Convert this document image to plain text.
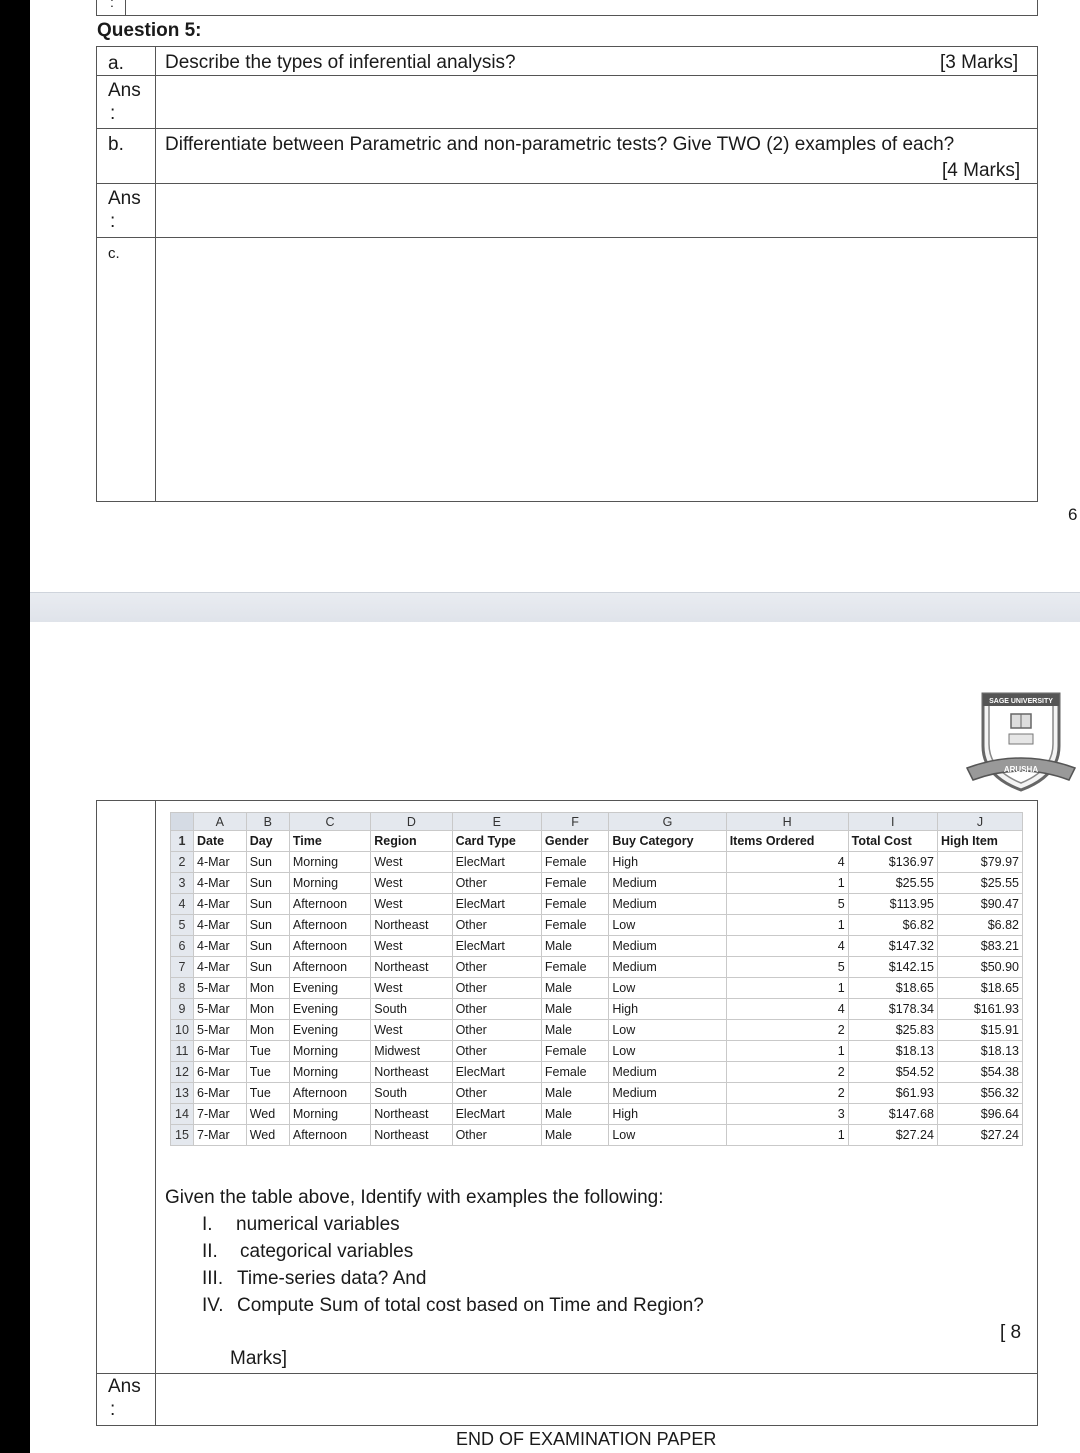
:
Question 5:
a. Describe the types of inferential analysis?	[3 Marks]
Ans
:
b. Differentiate between Parametric and non-parametric tests? Give TWO (2) examples of each?
[4 Marks]
Ans
:
c.
6
SAGE UNIVERSITY
ARUSHA
	A	B	C	D	E	F	G	H	I	J
1	Date	Day	Time	Region	Card Type	Gender	Buy Category	Items Ordered	Total Cost	High Item
2	4-Mar	Sun	Morning	West	ElecMart	Female	High	4	$136.97	$79.97
3	4-Mar	Sun	Morning	West	Other	Female	Medium	1	$25.55	$25.55
4	4-Mar	Sun	Afternoon	West	ElecMart	Female	Medium	5	$113.95	$90.47
5	4-Mar	Sun	Afternoon	Northeast	Other	Female	Low	1	$6.82	$6.82
6	4-Mar	Sun	Afternoon	West	ElecMart	Male	Medium	4	$147.32	$83.21
7	4-Mar	Sun	Afternoon	Northeast	Other	Female	Medium	5	$142.15	$50.90
8	5-Mar	Mon	Evening	West	Other	Male	Low	1	$18.65	$18.65
9	5-Mar	Mon	Evening	South	Other	Male	High	4	$178.34	$161.93
10	5-Mar	Mon	Evening	West	Other	Male	Low	2	$25.83	$15.91
11	6-Mar	Tue	Morning	Midwest	Other	Female	Low	1	$18.13	$18.13
12	6-Mar	Tue	Morning	Northeast	ElecMart	Female	Medium	2	$54.52	$54.38
13	6-Mar	Tue	Afternoon	South	Other	Male	Medium	2	$61.93	$56.32
14	7-Mar	Wed	Morning	Northeast	ElecMart	Male	High	3	$147.68	$96.64
15	7-Mar	Wed	Afternoon	Northeast	Other	Male	Low	1	$27.24	$27.24
Given the table above, Identify with examples the following:
I. numerical variables
II. categorical variables
III. Time-series data? And
IV. Compute Sum of total cost based on Time and Region?
[ 8
Marks]
Ans
:
END OF EXAMINATION PAPER
